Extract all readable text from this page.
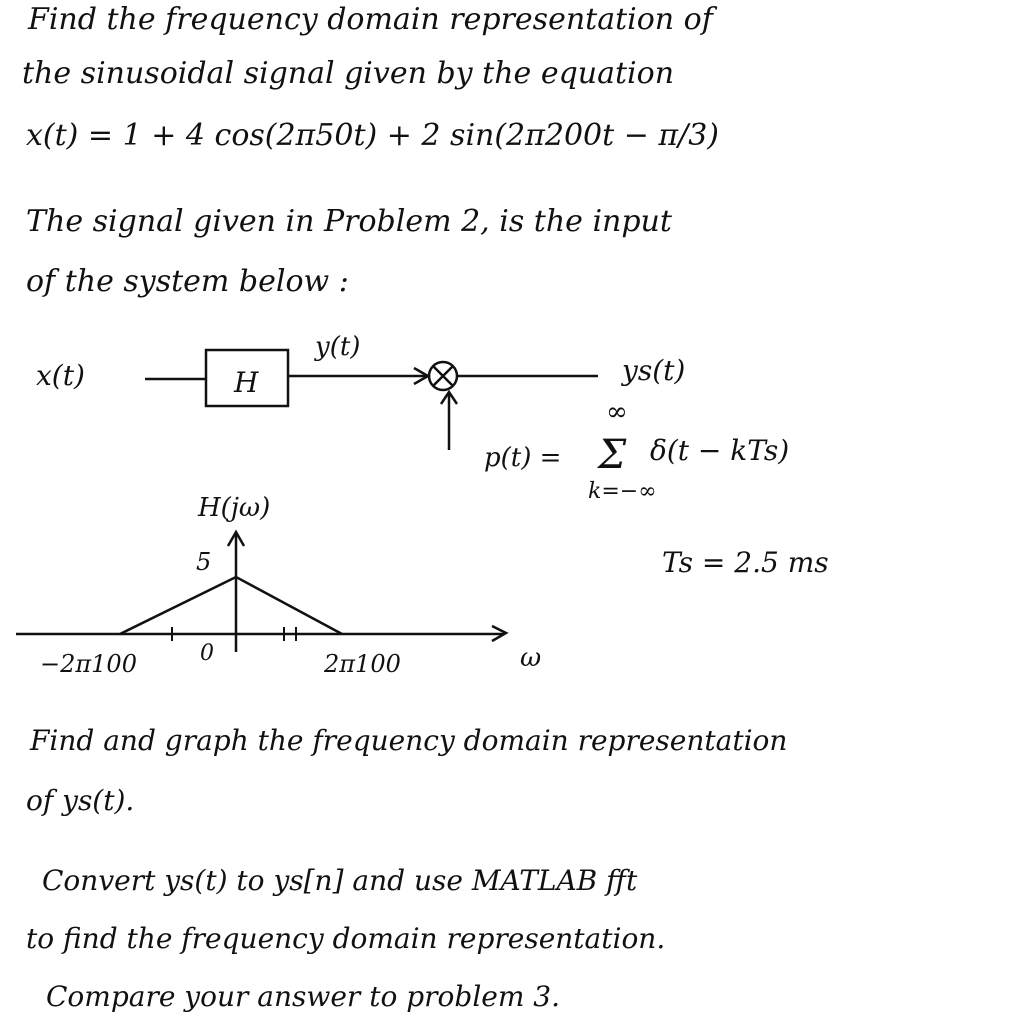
Find the frequency domain representation of
the sinusoidal signal given by the equation
x(t) = 1 + 4 cos(2π50t) + 2 sin(2π200t − π/3)
The signal given in Problem 2, is the input
of the system below :
x(t)	H
y(t)
ys(t)
p(t) =
∞
Σ δ(t − kTs)
k=−∞
Ts = 2.5 ms
H(jω)
5
−2π100	0	2π100	ω
Find and graph the frequency domain representation
of ys(t).
Convert ys(t) to ys[n] and use MATLAB fft
to find the frequency domain representation.
Compare your answer to problem 3.
